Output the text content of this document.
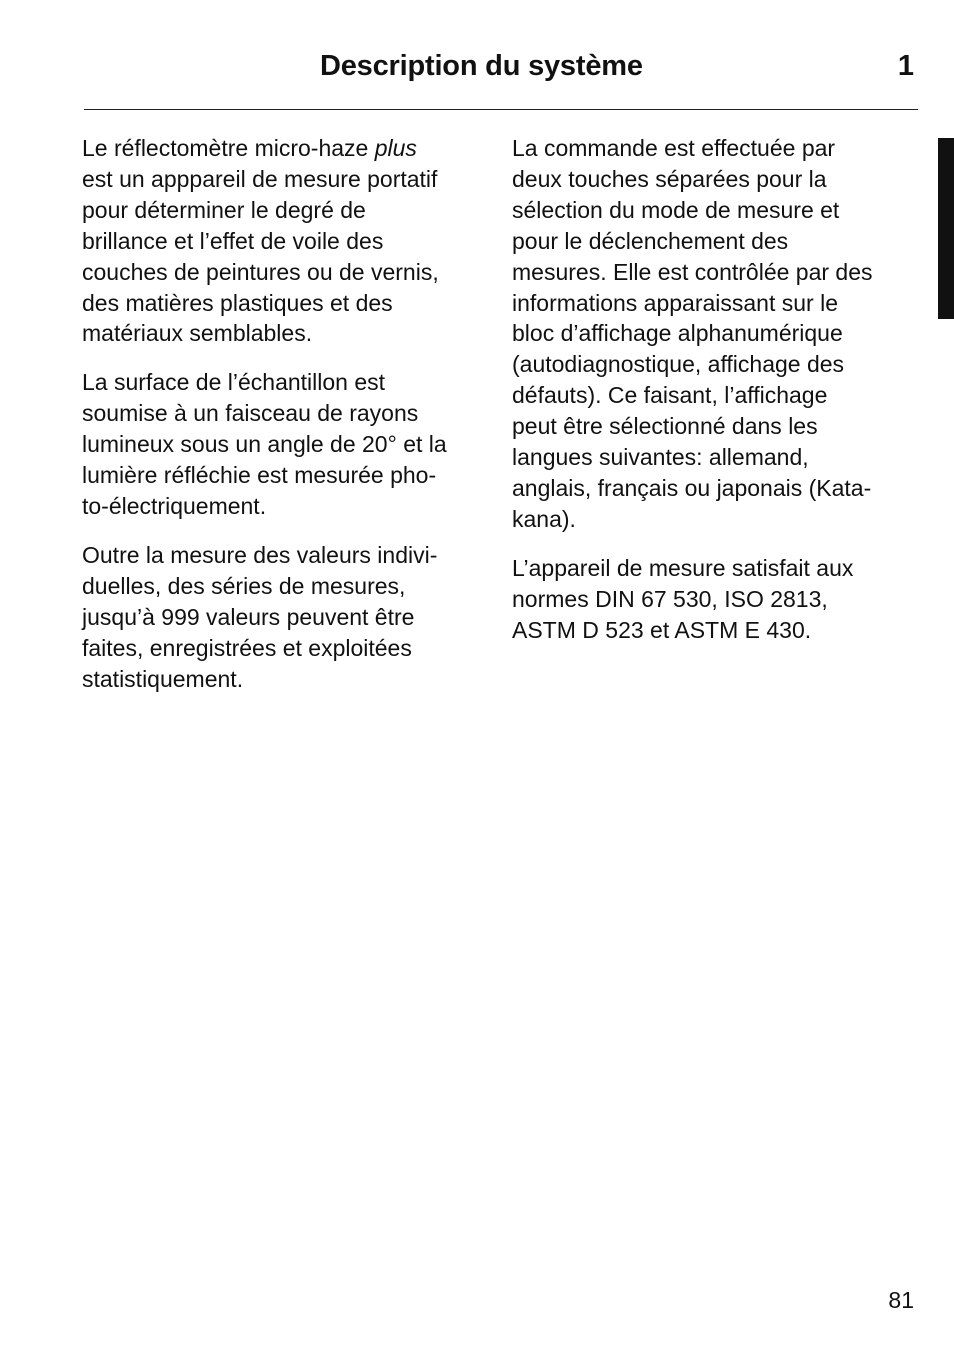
Description du système	1

Le réflectomètre micro-haze plus
est un apppareil de mesure portatif
pour déterminer le degré de
brillance et l’effet de voile des
couches de peintures ou de vernis,
des matières plastiques et des
matériaux semblables.

La surface de l’échantillon est
soumise à un faisceau de rayons
lumineux sous un angle de 20° et la
lumière réfléchie est mesurée pho-
to-électriquement.

Outre la mesure des valeurs indivi-
duelles, des séries de mesures,
jusqu’à 999 valeurs peuvent être
faites, enregistrées et exploitées
statistiquement.

La commande est effectuée par
deux touches séparées pour la
sélection du mode de mesure et
pour le déclenchement des
mesures. Elle est contrôlée par des
informations apparaissant sur le
bloc d’affichage alphanumérique
(autodiagnostique, affichage des
défauts). Ce faisant, l’affichage
peut être sélectionné dans les
langues suivantes: allemand,
anglais, français ou japonais (Kata-
kana).

L’appareil de mesure satisfait aux
normes DIN 67 530, ISO 2813,
ASTM D 523 et ASTM E 430.

81
